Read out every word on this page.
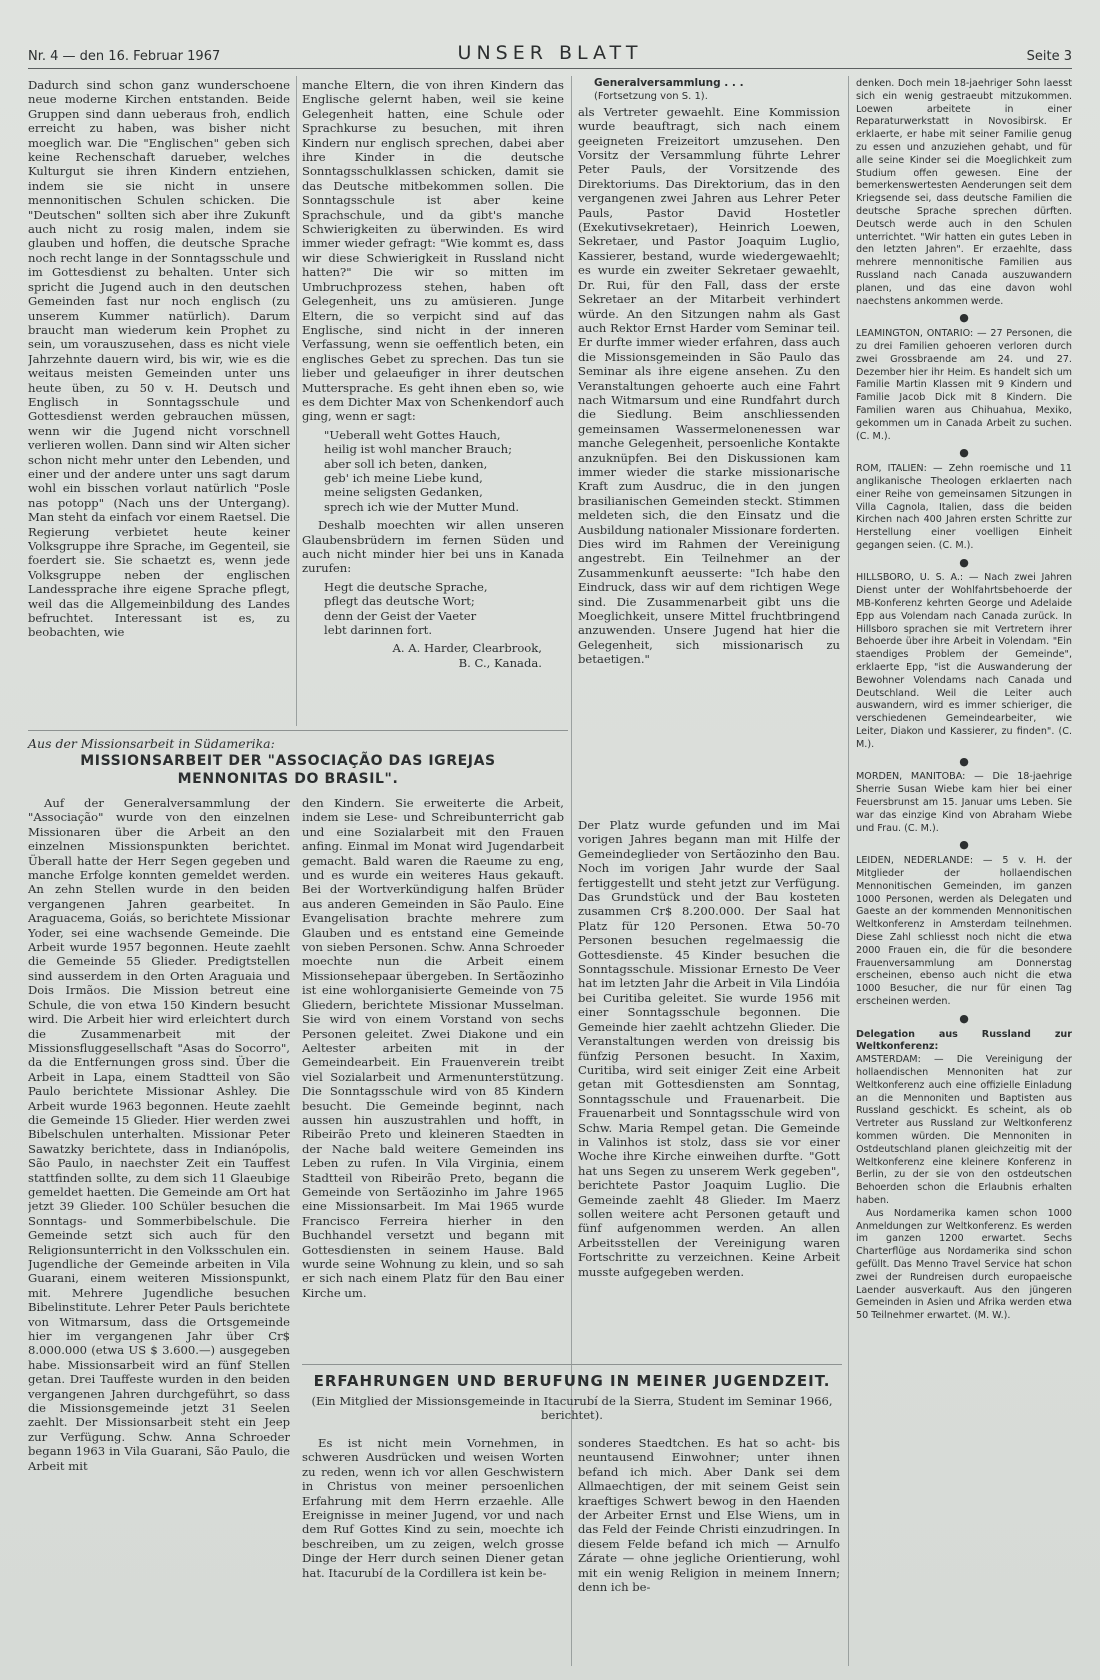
Nr. 4 — den 16. Februar 1967	UNSER BLATT	Seite 3

Dadurch sind schon ganz wunderschoene neue moderne Kirchen entstanden. Beide Gruppen sind dann ueberaus froh, endlich erreicht zu haben, was bisher nicht moeglich war. Die "Englischen" geben sich keine Rechenschaft darueber, welches Kulturgut sie ihren Kindern entziehen, indem sie sie nicht in unsere mennonitischen Schulen schicken. Die "Deutschen" sollten sich aber ihre Zukunft auch nicht zu rosig malen, indem sie glauben und hoffen, die deutsche Sprache noch recht lange in der Sonntagsschule und im Gottesdienst zu behalten. Unter sich spricht die Jugend auch in den deutschen Gemeinden fast nur noch englisch (zu unserem Kummer natürlich). Darum braucht man wiederum kein Prophet zu sein, um vorauszusehen, dass es nicht viele Jahrzehnte dauern wird, bis wir, wie es die weitaus meisten Gemeinden unter uns heute üben, zu 50 v. H. Deutsch und Englisch in Sonntagsschule und Gottesdienst werden gebrauchen müssen, wenn wir die Jugend nicht vorschnell verlieren wollen. Dann sind wir Alten sicher schon nicht mehr unter den Lebenden, und einer und der andere unter uns sagt darum wohl ein bisschen vorlaut natürlich "Posle nas potopp" (Nach uns der Untergang). Man steht da einfach vor einem Raetsel. Die Regierung verbietet heute keiner Volksgruppe ihre Sprache, im Gegenteil, sie foerdert sie. Sie schaetzt es, wenn jede Volksgruppe neben der englischen Landessprache ihre eigene Sprache pflegt, weil das die Allgemeinbildung des Landes befruchtet. Interessant ist es, zu beobachten, wie

manche Eltern, die von ihren Kindern das Englische gelernt haben, weil sie keine Gelegenheit hatten, eine Schule oder Sprachkurse zu besuchen, mit ihren Kindern nur englisch sprechen, dabei aber ihre Kinder in die deutsche Sonntagsschulklassen schicken, damit sie das Deutsche mitbekommen sollen. Die Sonntagsschule ist aber keine Sprachschule, und da gibt's manche Schwierigkeiten zu überwinden. Es wird immer wieder gefragt: "Wie kommt es, dass wir diese Schwierigkeit in Russland nicht hatten?" Die wir so mitten im Umbruchprozess stehen, haben oft Gelegenheit, uns zu amüsieren. Junge Eltern, die so verpicht sind auf das Englische, sind nicht in der inneren Verfassung, wenn sie oeffentlich beten, ein englisches Gebet zu sprechen. Das tun sie lieber und gelaeufiger in ihrer deutschen Muttersprache. Es geht ihnen eben so, wie es dem Dichter Max von Schenkendorf auch ging, wenn er sagt:

"Ueberall weht Gottes Hauch,
heilig ist wohl mancher Brauch;
aber soll ich beten, danken,
geb' ich meine Liebe kund,
meine seligsten Gedanken,
sprech ich wie der Mutter Mund.

Deshalb moechten wir allen unseren Glaubensbrüdern im fernen Süden und auch nicht minder hier bei uns in Kanada zurufen:

Hegt die deutsche Sprache,
pflegt das deutsche Wort;
denn der Geist der Vaeter
lebt darinnen fort.

A. A. Harder, Clearbrook,

B. C., Kanada.

Generalversammlung . . .

(Fortsetzung von S. 1).

als Vertreter gewaehlt. Eine Kommission wurde beauftragt, sich nach einem geeigneten Freizeitort umzusehen. Den Vorsitz der Versammlung führte Lehrer Peter Pauls, der Vorsitzende des Direktoriums. Das Direktorium, das in den vergangenen zwei Jahren aus Lehrer Peter Pauls, Pastor David Hostetler (Exekutivsekretaer), Heinrich Loewen, Sekretaer, und Pastor Joaquim Luglio, Kassierer, bestand, wurde wiedergewaehlt; es wurde ein zweiter Sekretaer gewaehlt, Dr. Rui, für den Fall, dass der erste Sekretaer an der Mitarbeit verhindert würde. An den Sitzungen nahm als Gast auch Rektor Ernst Harder vom Seminar teil. Er durfte immer wieder erfahren, dass auch die Missionsgemeinden in São Paulo das Seminar als ihre eigene ansehen. Zu den Veranstaltungen gehoerte auch eine Fahrt nach Witmarsum und eine Rundfahrt durch die Siedlung. Beim anschliessenden gemeinsamen Wassermelonenessen war manche Gelegenheit, persoenliche Kontakte anzuknüpfen. Bei den Diskussionen kam immer wieder die starke missionarische Kraft zum Ausdruc, die in den jungen brasilianischen Gemeinden steckt. Stimmen meldeten sich, die den Einsatz und die Ausbildung nationaler Missionare forderten. Dies wird im Rahmen der Vereinigung angestrebt. Ein Teilnehmer an der Zusammenkunft aeusserte: "Ich habe den Eindruck, dass wir auf dem richtigen Wege sind. Die Zusammenarbeit gibt uns die Moeglichkeit, unsere Mittel fruchtbringend anzuwenden. Unsere Jugend hat hier die Gelegenheit, sich missionarisch zu betaetigen."

Aus der Missionsarbeit in Südamerika:
MISSIONSARBEIT DER "ASSOCIAÇÃO DAS IGREJAS MENNONITAS DO BRASIL".

Auf der Generalversammlung der "Associação" wurde von den einzelnen Missionaren über die Arbeit an den einzelnen Missionspunkten berichtet. Überall hatte der Herr Segen gegeben und manche Erfolge konnten gemeldet werden. An zehn Stellen wurde in den beiden vergangenen Jahren gearbeitet. In Araguacema, Goiás, so berichtete Missionar Yoder, sei eine wachsende Gemeinde. Die Arbeit wurde 1957 begonnen. Heute zaehlt die Gemeinde 55 Glieder. Predigtstellen sind ausserdem in den Orten Araguaia und Dois Irmãos. Die Mission betreut eine Schule, die von etwa 150 Kindern besucht wird. Die Arbeit hier wird erleichtert durch die Zusammenarbeit mit der Missionsfluggesellschaft "Asas do Socorro", da die Entfernungen gross sind. Über die Arbeit in Lapa, einem Stadtteil von São Paulo berichtete Missionar Ashley. Die Arbeit wurde 1963 begonnen. Heute zaehlt die Gemeinde 15 Glieder. Hier werden zwei Bibelschulen unterhalten. Missionar Peter Sawatzky berichtete, dass in Indianópolis, São Paulo, in naechster Zeit ein Tauffest stattfinden sollte, zu dem sich 11 Glaeubige gemeldet haetten. Die Gemeinde am Ort hat jetzt 39 Glieder. 100 Schüler besuchen die Sonntags- und Sommerbibelschule. Die Gemeinde setzt sich auch für den Religionsunterricht in den Volksschulen ein. Jugendliche der Gemeinde arbeiten in Vila Guarani, einem weiteren Missionspunkt, mit. Mehrere Jugendliche besuchen Bibelinstitute. Lehrer Peter Pauls berichtete von Witmarsum, dass die Ortsgemeinde hier im vergangenen Jahr über Cr$ 8.000.000 (etwa US $ 3.600.—) ausgegeben habe. Missionsarbeit wird an fünf Stellen getan. Drei Tauffeste wurden in den beiden vergangenen Jahren durchgeführt, so dass die Missionsgemeinde jetzt 31 Seelen zaehlt. Der Missionsarbeit steht ein Jeep zur Verfügung. Schw. Anna Schroeder begann 1963 in Vila Guarani, São Paulo, die Arbeit mit

den Kindern. Sie erweiterte die Arbeit, indem sie Lese- und Schreibunterricht gab und eine Sozialarbeit mit den Frauen anfing. Einmal im Monat wird Jugendarbeit gemacht. Bald waren die Raeume zu eng, und es wurde ein weiteres Haus gekauft. Bei der Wortverkündigung halfen Brüder aus anderen Gemeinden in São Paulo. Eine Evangelisation brachte mehrere zum Glauben und es entstand eine Gemeinde von sieben Personen. Schw. Anna Schroeder moechte nun die Arbeit einem Missionsehepaar übergeben. In Sertãozinho ist eine wohlorganisierte Gemeinde von 75 Gliedern, berichtete Missionar Musselman. Sie wird von einem Vorstand von sechs Personen geleitet. Zwei Diakone und ein Aeltester arbeiten mit in der Gemeindearbeit. Ein Frauenverein treibt viel Sozialarbeit und Armenunterstützung. Die Sonntagsschule wird von 85 Kindern besucht. Die Gemeinde beginnt, nach aussen hin auszustrahlen und hofft, in Ribeirão Preto und kleineren Staedten in der Nache bald weitere Gemeinden ins Leben zu rufen. In Vila Virginia, einem Stadtteil von Ribeirão Preto, begann die Gemeinde von Sertãozinho im Jahre 1965 eine Missionsarbeit. Im Mai 1965 wurde Francisco Ferreira hierher in den Buchhandel versetzt und begann mit Gottesdiensten in seinem Hause. Bald wurde seine Wohnung zu klein, und so sah er sich nach einem Platz für den Bau einer Kirche um.

Der Platz wurde gefunden und im Mai vorigen Jahres begann man mit Hilfe der Gemeindeglieder von Sertãozinho den Bau. Noch im vorigen Jahr wurde der Saal fertiggestellt und steht jetzt zur Verfügung. Das Grundstück und der Bau kosteten zusammen Cr$ 8.200.000. Der Saal hat Platz für 120 Personen. Etwa 50-70 Personen besuchen regelmaessig die Gottesdienste. 45 Kinder besuchen die Sonntagsschule. Missionar Ernesto De Veer hat im letzten Jahr die Arbeit in Vila Lindóia bei Curitiba geleitet. Sie wurde 1956 mit einer Sonntagsschule begonnen. Die Gemeinde hier zaehlt achtzehn Glieder. Die Veranstaltungen werden von dreissig bis fünfzig Personen besucht. In Xaxim, Curitiba, wird seit einiger Zeit eine Arbeit getan mit Gottesdiensten am Sonntag, Sonntagsschule und Frauenarbeit. Die Frauenarbeit und Sonntagsschule wird von Schw. Maria Rempel getan. Die Gemeinde in Valinhos ist stolz, dass sie vor einer Woche ihre Kirche einweihen durfte. "Gott hat uns Segen zu unserem Werk gegeben", berichtete Pastor Joaquim Luglio. Die Gemeinde zaehlt 48 Glieder. Im Maerz sollen weitere acht Personen getauft und fünf aufgenommen werden. An allen Arbeitsstellen der Vereinigung waren Fortschritte zu verzeichnen. Keine Arbeit musste aufgegeben werden.

ERFAHRUNGEN UND BERUFUNG IN MEINER JUGENDZEIT.
(Ein Mitglied der Missionsgemeinde in Itacurubí de la Sierra, Student im Seminar 1966, berichtet).

Es ist nicht mein Vornehmen, in schweren Ausdrücken und weisen Worten zu reden, wenn ich vor allen Geschwistern in Christus von meiner persoenlichen Erfahrung mit dem Herrn erzaehle. Alle Ereignisse in meiner Jugend, vor und nach dem Ruf Gottes Kind zu sein, moechte ich beschreiben, um zu zeigen, welch grosse Dinge der Herr durch seinen Diener getan hat. Itacurubí de la Cordillera ist kein be-

sonderes Staedtchen. Es hat so acht- bis neuntausend Einwohner; unter ihnen befand ich mich. Aber Dank sei dem Allmaechtigen, der mit seinem Geist sein kraeftiges Schwert bewog in den Haenden der Arbeiter Ernst und Else Wiens, um in das Feld der Feinde Christi einzudringen. In diesem Felde befand ich mich — Arnulfo Zárate — ohne jegliche Orientierung, wohl mit ein wenig Religion in meinem Innern; denn ich be-

denken. Doch mein 18-jaehriger Sohn laesst sich ein wenig gestraeubt mitzukommen. Loewen arbeitete in einer Reparaturwerkstatt in Novosibirsk. Er erklaerte, er habe mit seiner Familie genug zu essen und anzuziehen gehabt, und für alle seine Kinder sei die Moeglichkeit zum Studium offen gewesen. Eine der bemerkenswertesten Aenderungen seit dem Kriegsende sei, dass deutsche Familien die deutsche Sprache sprechen dürften. Deutsch werde auch in den Schulen unterrichtet. "Wir hatten ein gutes Leben in den letzten Jahren". Er erzaehlte, dass mehrere mennonitische Familien aus Russland nach Canada auszuwandern planen, und das eine davon wohl naechstens ankommen werde.

●

LEAMINGTON, ONTARIO: — 27 Personen, die zu drei Familien gehoeren verloren durch zwei Grossbraende am 24. und 27. Dezember hier ihr Heim. Es handelt sich um Familie Martin Klassen mit 9 Kindern und Familie Jacob Dick mit 8 Kindern. Die Familien waren aus Chihuahua, Mexiko, gekommen um in Canada Arbeit zu suchen. (C. M.).

●

ROM, ITALIEN: — Zehn roemische und 11 anglikanische Theologen erklaerten nach einer Reihe von gemeinsamen Sitzungen in Villa Cagnola, Italien, dass die beiden Kirchen nach 400 Jahren ersten Schritte zur Herstellung einer voelligen Einheit gegangen seien. (C. M.).

●

HILLSBORO, U. S. A.: — Nach zwei Jahren Dienst unter der Wohlfahrtsbehoerde der MB-Konferenz kehrten George und Adelaide Epp aus Volendam nach Canada zurück. In Hillsboro sprachen sie mit Vertretern ihrer Behoerde über ihre Arbeit in Volendam. "Ein staendiges Problem der Gemeinde", erklaerte Epp, "ist die Auswanderung der Bewohner Volendams nach Canada und Deutschland. Weil die Leiter auch auswandern, wird es immer schieriger, die verschiedenen Gemeindearbeiter, wie Leiter, Diakon und Kassierer, zu finden". (C. M.).

●

MORDEN, MANITOBA: — Die 18-jaehrige Sherrie Susan Wiebe kam hier bei einer Feuersbrunst am 15. Januar ums Leben. Sie war das einzige Kind von Abraham Wiebe und Frau. (C. M.).

●

LEIDEN, NEDERLANDE: — 5 v. H. der Mitglieder der hollaendischen Mennonitischen Gemeinden, im ganzen 1000 Personen, werden als Delegaten und Gaeste an der kommenden Mennonitischen Weltkonferenz in Amsterdam teilnehmen. Diese Zahl schliesst noch nicht die etwa 2000 Frauen ein, die für die besondere Frauenversammlung am Donnerstag erscheinen, ebenso auch nicht die etwa 1000 Besucher, die nur für einen Tag erscheinen werden.

●

Delegation aus Russland zur Weltkonferenz:

AMSTERDAM: — Die Vereinigung der hollaendischen Mennoniten hat zur Weltkonferenz auch eine offizielle Einladung an die Mennoniten und Baptisten aus Russland geschickt. Es scheint, als ob Vertreter aus Russland zur Weltkonferenz kommen würden. Die Mennoniten in Ostdeutschland planen gleichzeitig mit der Weltkonferenz eine kleinere Konferenz in Berlin, zu der sie von den ostdeutschen Behoerden schon die Erlaubnis erhalten haben.

Aus Nordamerika kamen schon 1000 Anmeldungen zur Weltkonferenz. Es werden im ganzen 1200 erwartet. Sechs Charterflüge aus Nordamerika sind schon gefüllt. Das Menno Travel Service hat schon zwei der Rundreisen durch europaeische Laender ausverkauft. Aus den jüngeren Gemeinden in Asien und Afrika werden etwa 50 Teilnehmer erwartet. (M. W.).
